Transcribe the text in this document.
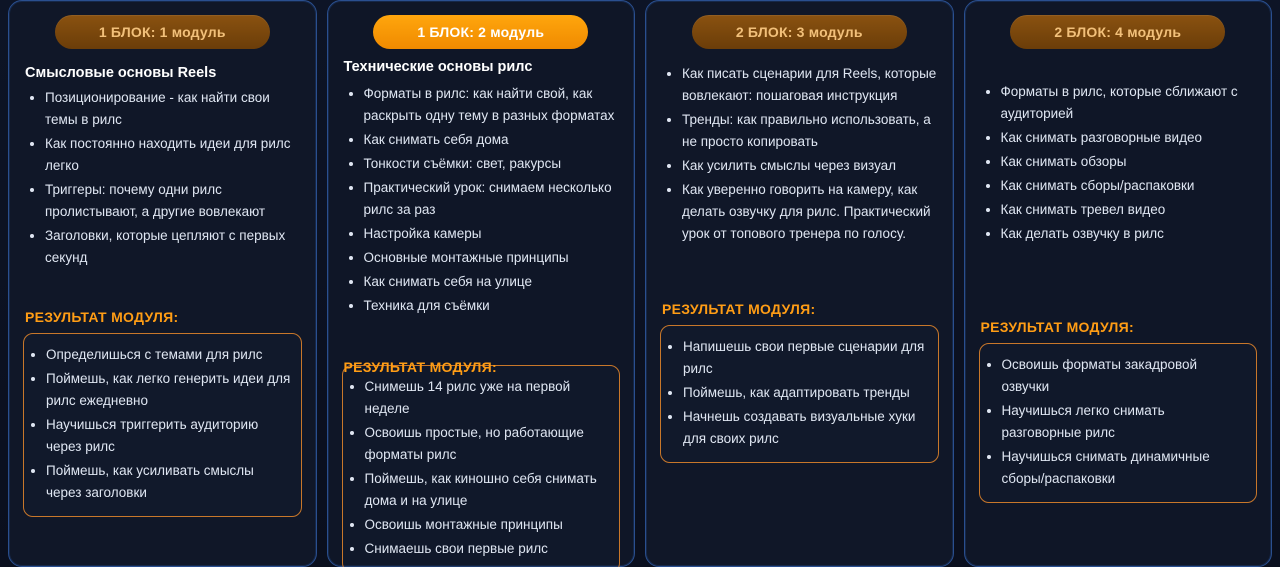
1 БЛОК: 1 модуль
Смысловые основы Reels
• Позиционирование - как найти свои темы в рилс
• Как постоянно находить идеи для рилс легко
• Триггеры: почему одни рилс пролистывают, а другие вовлекают
• Заголовки, которые цепляют с первых секунд
РЕЗУЛЬТАТ МОДУЛЯ:
• Определишься с темами для рилс
• Поймешь, как легко генерить идеи для рилс ежедневно
• Научишься триггерить аудиторию через рилс
• Поймешь, как усиливать смыслы через заголовки
1 БЛОК: 2 модуль
Технические основы рилс
• Форматы в рилс: как найти свой, как раскрыть одну тему в разных форматах
• Как снимать себя дома
• Тонкости съёмки: свет, ракурсы
• Практический урок: снимаем несколько рилс за раз
• Настройка камеры
• Основные монтажные принципы
• Как снимать себя на улице
• Техника для съёмки
РЕЗУЛЬТАТ МОДУЛЯ:
• Снимешь 14 рилс уже на первой неделе
• Освоишь простые, но работающие форматы рилс
• Поймешь, как киношно себя снимать дома и на улице
• Освоишь монтажные принципы
• Снимаешь свои первые рилс
2 БЛОК: 3 модуль
• Как писать сценарии для Reels, которые вовлекают: пошаговая инструкция
• Тренды: как правильно использовать, а не просто копировать
• Как усилить смыслы через визуал
• Как уверенно говорить на камеру, как делать озвучку для рилс. Практический урок от топового тренера по голосу.
РЕЗУЛЬТАТ МОДУЛЯ:
• Напишешь свои первые сценарии для рилс
• Поймешь, как адаптировать тренды
• Начнешь создавать визуальные хуки для своих рилс
2 БЛОК: 4 модуль
• Форматы в рилс, которые сближают с аудиторией
• Как снимать разговорные видео
• Как снимать обзоры
• Как снимать сборы/распаковки
• Как снимать тревел видео
• Как делать озвучку в рилс
РЕЗУЛЬТАТ МОДУЛЯ:
• Освоишь форматы закадровой озвучки
• Научишься легко снимать разговорные рилс
• Научишься снимать динамичные сборы/распаковки
